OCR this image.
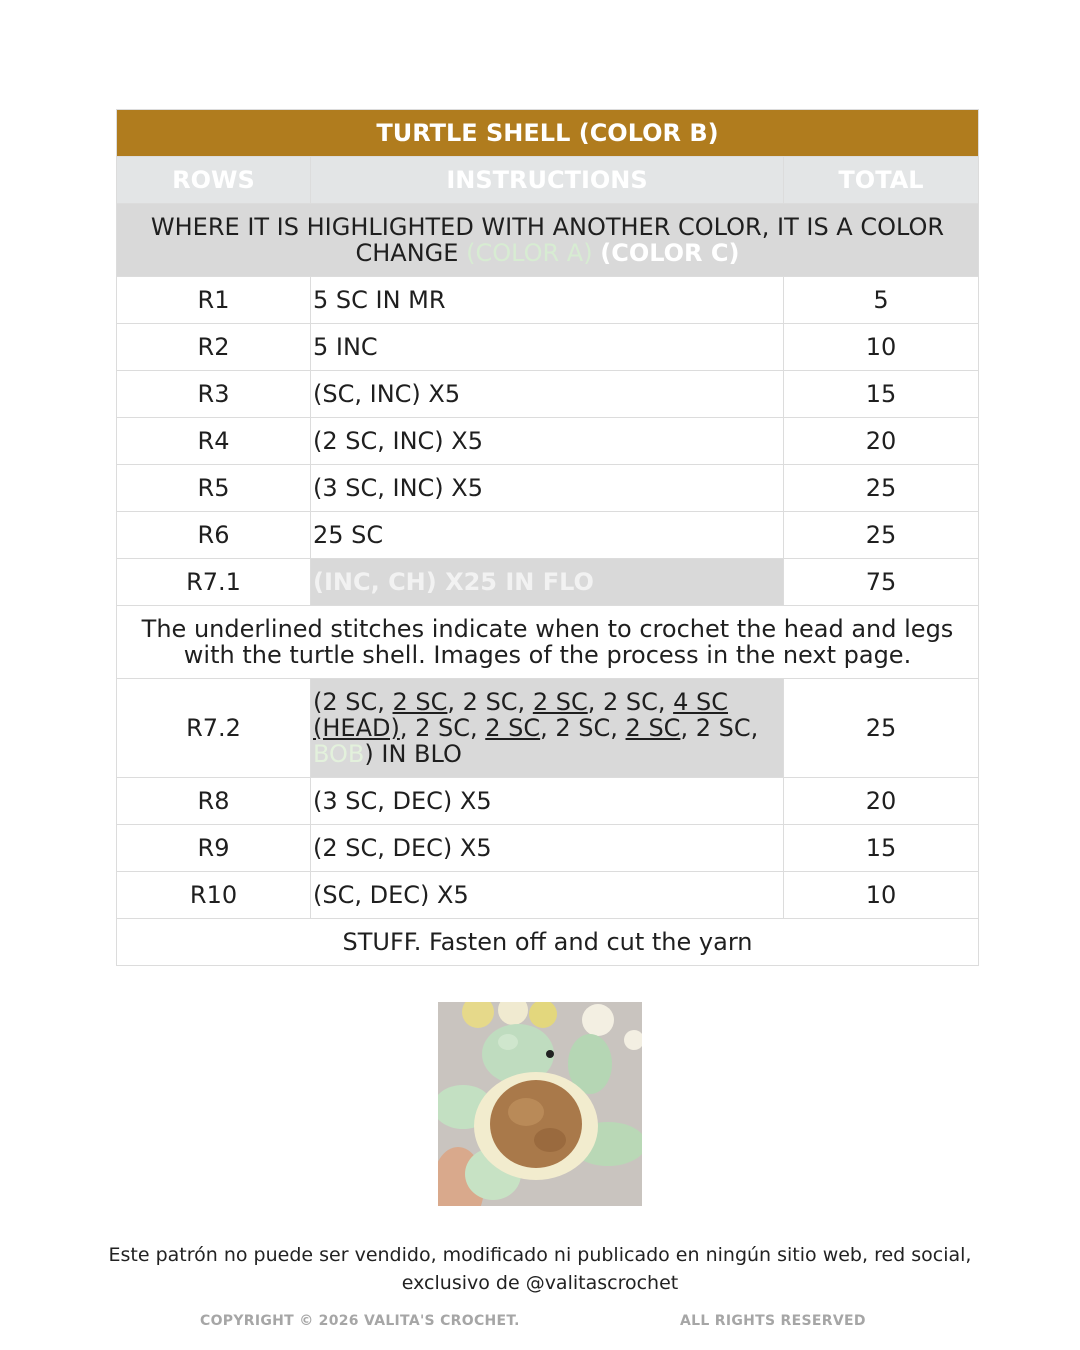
TURTLE SHELL (COLOR B)		
ROWS	INSTRUCTIONS	TOTAL
WHERE IT IS HIGHLIGHTED WITH ANOTHER COLOR, IT IS A COLOR CHANGE (COLOR A) (COLOR C)		
R1	5 SC IN MR	5
R2	5 INC	10
R3	(SC, INC) X5	15
R4	(2 SC, INC) X5	20
R5	(3 SC, INC) X5	25
R6	25 SC	25
R7.1	(INC, CH) X25 IN FLO	75
The underlined stitches indicate when to crochet the head and legs with the turtle shell. Images of the process in the next page.		
R7.2	(2 SC, 2 SC, 2 SC, 2 SC, 2 SC, 4 SC (HEAD), 2 SC, 2 SC, 2 SC, 2 SC, 2 SC, BOB) IN BLO	25
R8	(3 SC, DEC) X5	20
R9	(2 SC, DEC) X5	15
R10	(SC, DEC) X5	10
STUFF. Fasten off and cut the yarn		
Este patrón no puede ser vendido, modificado ni publicado en ningún sitio web, red social,
exclusivo de @valitascrochet
COPYRIGHT © 2026 VALITA'S CROCHET.	ALL RIGHTS RESERVED
